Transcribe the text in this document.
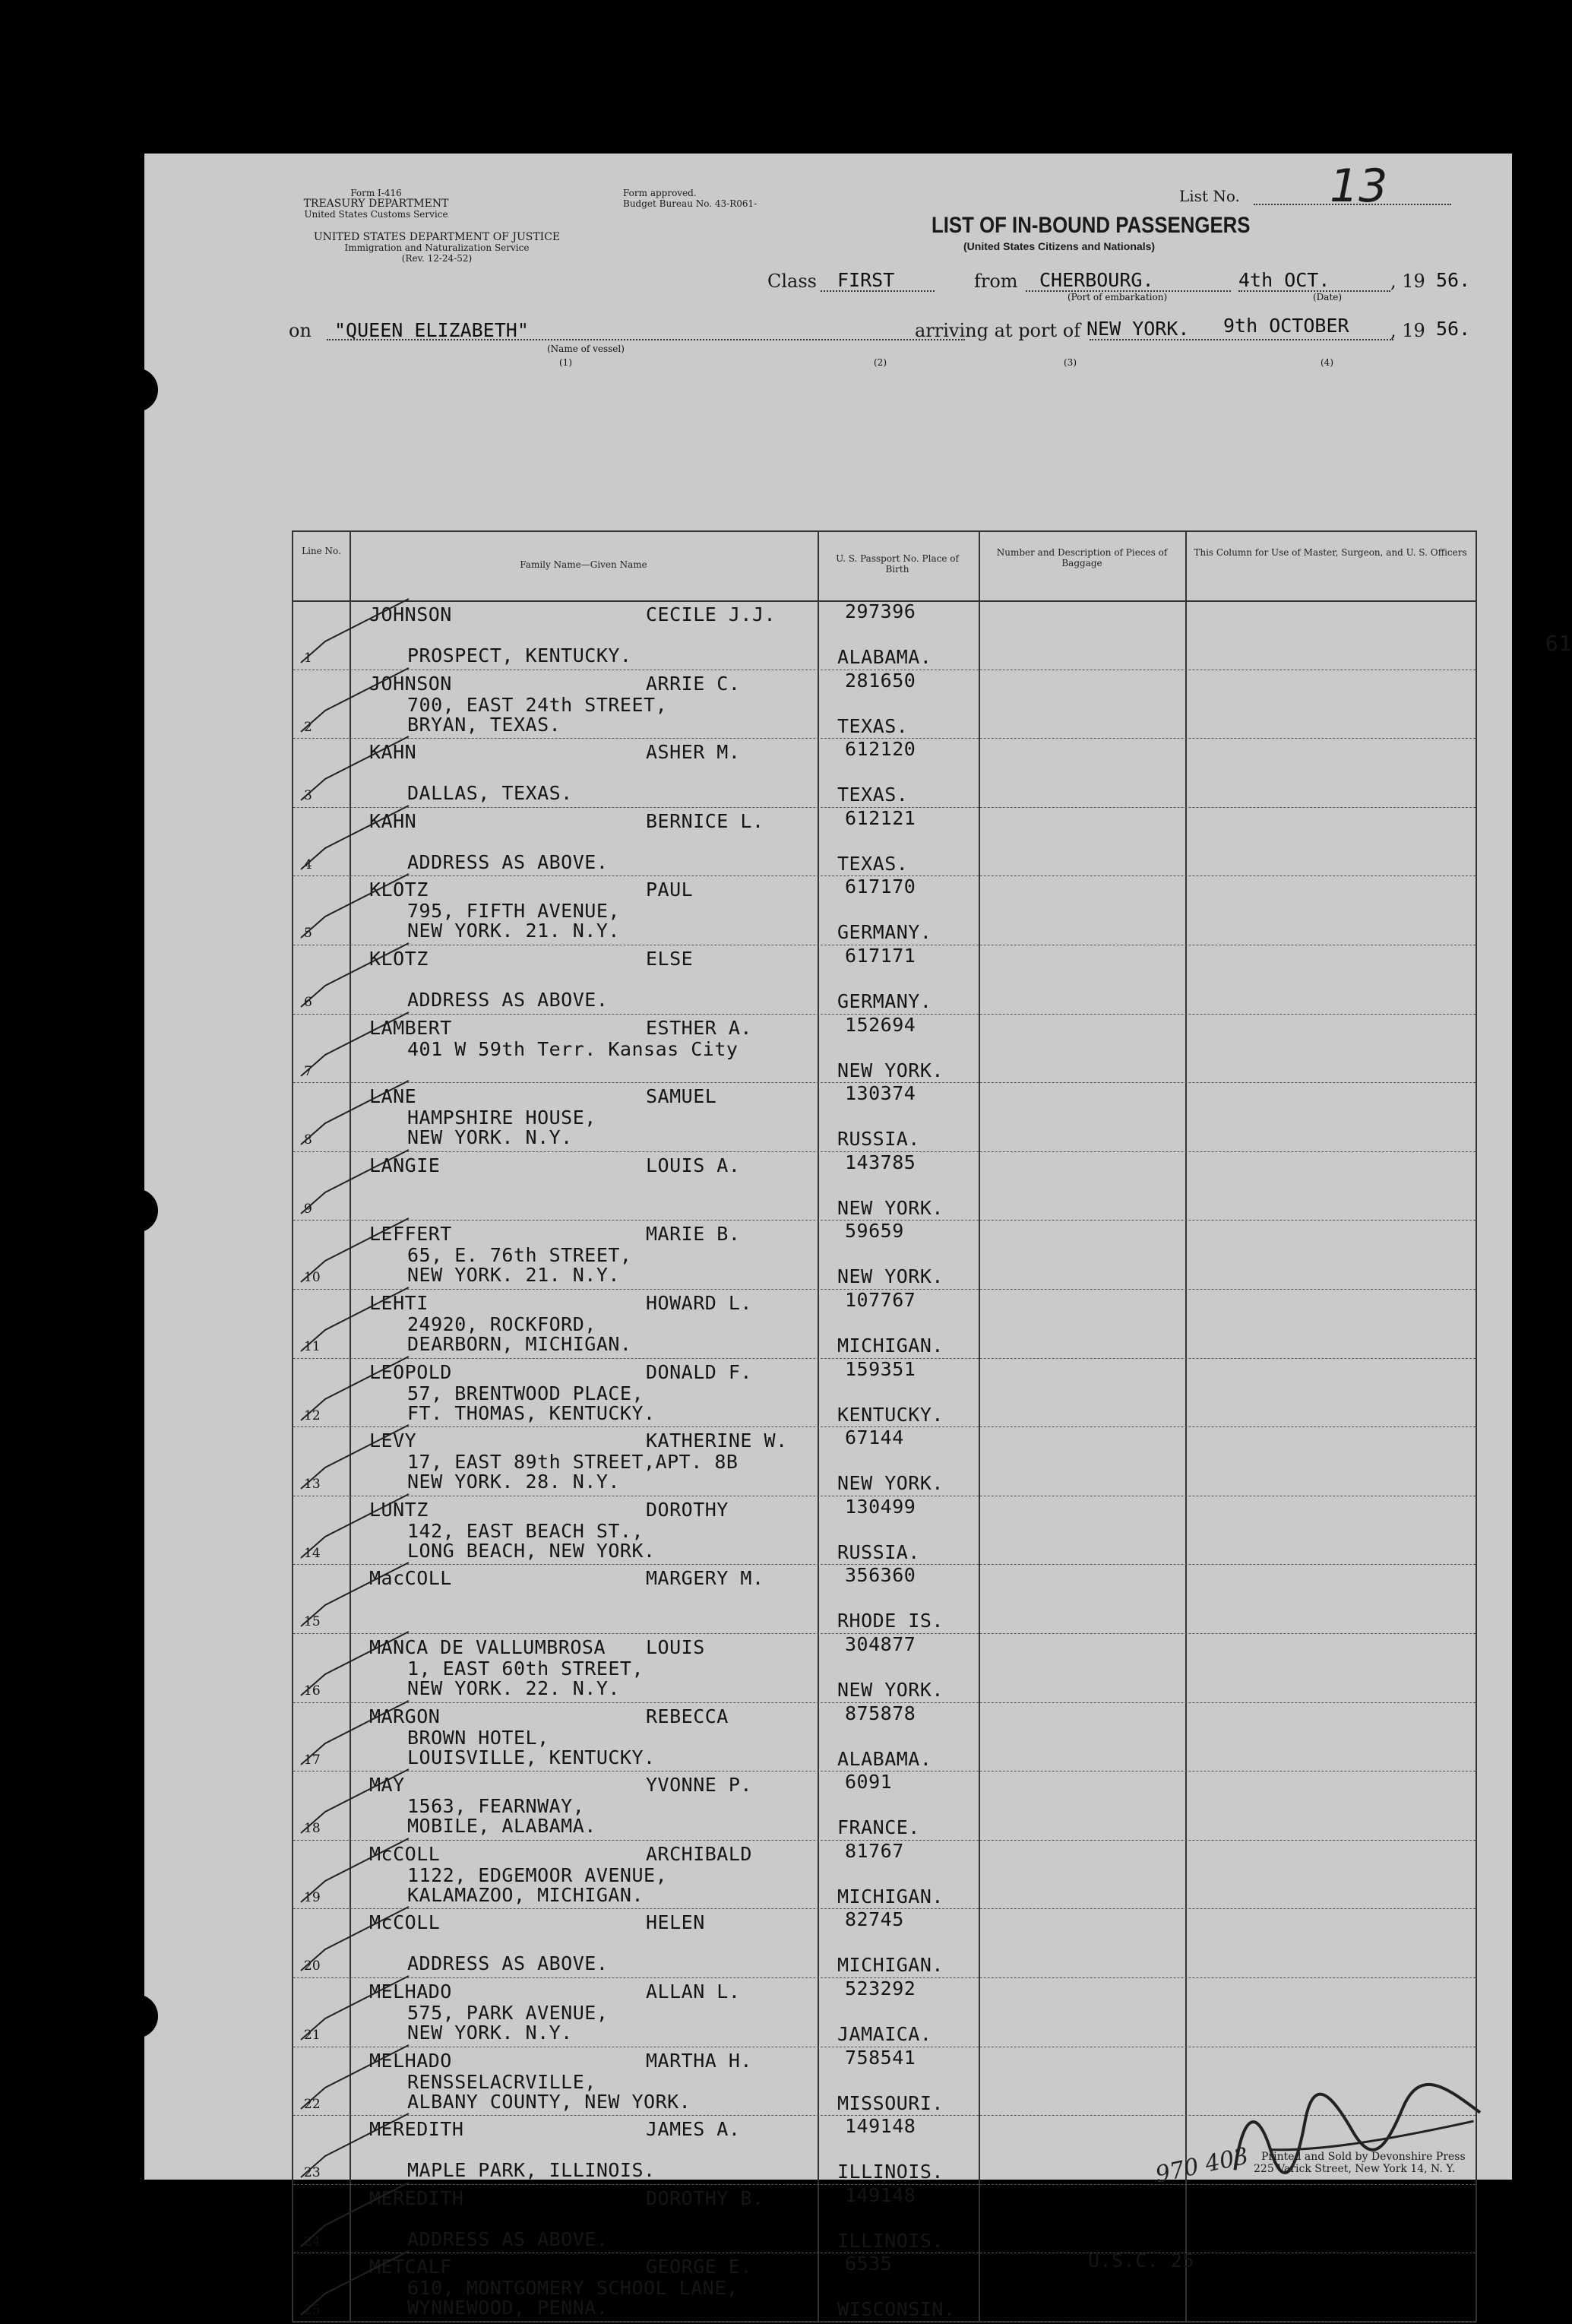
Form I-416
TREASURY DEPARTMENT
United States Customs Service
UNITED STATES DEPARTMENT OF JUSTICE
Immigration and Naturalization Service
(Rev. 12-24-52)
Form approved.
Budget Bureau No. 43-R061-	List No. 13
LIST OF IN-BOUND PASSENGERS
(United States Citizens and Nationals)
Class FIRST	from CHERBOURG.	4th OCT.	, 19 56.
(Port of embarkation)	(Date)
on "QUEEN ELIZABETH"	arriving at port of NEW YORK. 9th OCTOBER , 19 56.
(Name of vessel)
(1)	(2)	(3)	(4)
Line No.
Family Name—Given Name
U. S. Passport No. Place of Birth
Number and Description of Pieces of Baggage
This Column for Use of Master, Surgeon, and U. S. Officers
61
1
JOHNSON	CECILE J.J.
PROSPECT, KENTUCKY.
297396
ALABAMA.
2
JOHNSON	ARRIE C.
700, EAST 24th STREET,
BRYAN, TEXAS.
281650
TEXAS.
3
KAHN	ASHER M.
DALLAS, TEXAS.
612120
TEXAS.
4
KAHN	BERNICE L.
ADDRESS AS ABOVE.
612121
TEXAS.
5
KLOTZ	PAUL
795, FIFTH AVENUE,
NEW YORK. 21. N.Y.
617170
GERMANY.
6
KLOTZ	ELSE
ADDRESS AS ABOVE.
617171
GERMANY.
7
LAMBERT	ESTHER A.
401 W 59th Terr. Kansas City
152694
NEW YORK.
8
LANE	SAMUEL
HAMPSHIRE HOUSE,
NEW YORK. N.Y.
130374
RUSSIA.
9
LANGIE	LOUIS A.	143785
NEW YORK.
10
LEFFERT	MARIE B.
65, E. 76th STREET,
NEW YORK. 21. N.Y.
59659
NEW YORK.
11
LEHTI	HOWARD L.
24920, ROCKFORD,
DEARBORN, MICHIGAN.
107767
MICHIGAN.
12
LEOPOLD	DONALD F.
57, BRENTWOOD PLACE,
FT. THOMAS, KENTUCKY.
159351
KENTUCKY.
13
LEVY	KATHERINE W.
17, EAST 89th STREET,APT. 8B
NEW YORK. 28. N.Y.
67144
NEW YORK.
14
LUNTZ	DOROTHY
142, EAST BEACH ST.,
LONG BEACH, NEW YORK.
130499
RUSSIA.
15
MacCOLL	MARGERY M.	356360
RHODE IS.
16
MANCA DE VALLUMBROSA LOUIS
1, EAST 60th STREET,
NEW YORK. 22. N.Y.
304877
NEW YORK.
17
MARGON	REBECCA
BROWN HOTEL,
LOUISVILLE, KENTUCKY.
875878
ALABAMA.
18
MAY	YVONNE P.
1563, FEARNWAY,
MOBILE, ALABAMA.
6091
FRANCE.
19
McCOLL	ARCHIBALD
1122, EDGEMOOR AVENUE,
KALAMAZOO, MICHIGAN.
81767
MICHIGAN.
20
McCOLL	HELEN
ADDRESS AS ABOVE.
82745
MICHIGAN.
21
MELHADO	ALLAN L.
575, PARK AVENUE,
NEW YORK. N.Y.
523292
JAMAICA.
22
MELHADO	MARTHA H.
RENSSELACRVILLE,
ALBANY COUNTY, NEW YORK.
758541
MISSOURI.
23
MEREDITH	JAMES A.
MAPLE PARK, ILLINOIS.
149148
ILLINOIS.
24
MEREDITH	DOROTHY B.
ADDRESS AS ABOVE.
149148
ILLINOIS.
25
METCALF	GEORGE E.
610, MONTGOMERY SCHOOL LANE,
WYNNEWOOD, PENNA.
6535
WISCONSIN.
U.S.C. 25
Printed and Sold by Devonshire Press
225 Varick Street, New York 14, N. Y.
970 403
